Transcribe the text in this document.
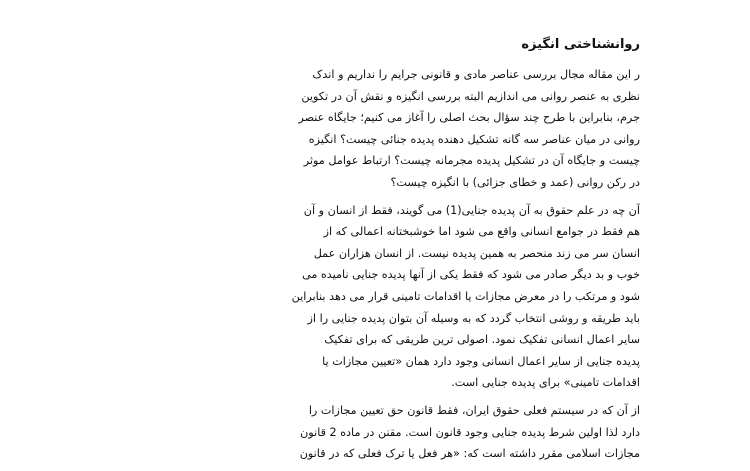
روانشناختی انگیزه
ر این مقاله مجال بررسی عناصر مادی و قانونی جرایم را نداریم و اندک
نظری به عنصر روانی می اندازیم البته بررسی انگیزه و نقش آن در تکوین
جرم، بنابراین با طرح چند سؤال بحث اصلی را آغاز می کنیم؛ جایگاه عنصر
روانی در میان عناصر سه گانه تشکیل دهنده پدیده جنائی چیست؟ انگیزه
چیست و جایگاه آن در تشکیل پدیده مجرمانه چیست؟ ارتباط عوامل موثر
در رکن روانی (عمد و خطای جزائی) با انگیزه چیست؟
آن چه در علم حقوق به آن پدیده جنایی(1) می گویند، فقط از انسان و آن
هم فقط در جوامع انسانی واقع می شود اما خوشبختانه اعمالی که از
انسان سر می زند منحصر به همین پدیده نیست. از انسان هزاران عمل
خوب و بد دیگر صادر می شود که فقط یکی از آنها پدیده جنایی نامیده می
شود و مرتکب را در معرض مجازات یا اقدامات تامینی قرار می دهد بنابراین
باید طریقه و روشی انتخاب گردد که به وسیله آن بتوان پدیده جنایی را از
سایر اعمال انسانی تفکیک نمود. اصولی ترین طریقی که برای تفکیک
پدیده جنایی از سایر اعمال انسانی وجود دارد همان «تعیین مجازات یا
اقدامات تامینی» برای پدیده جنایی است.
از آن که در سیستم فعلی حقوق ایران، فقط قانون حق تعیین مجازات را
دارد لذا اولین شرط پدیده جنایی وجود قانون است. مقنن در ماده 2 قانون
مجازات اسلامی مقرر داشته است که: «هر فعل یا ترک فعلی که در قانون
